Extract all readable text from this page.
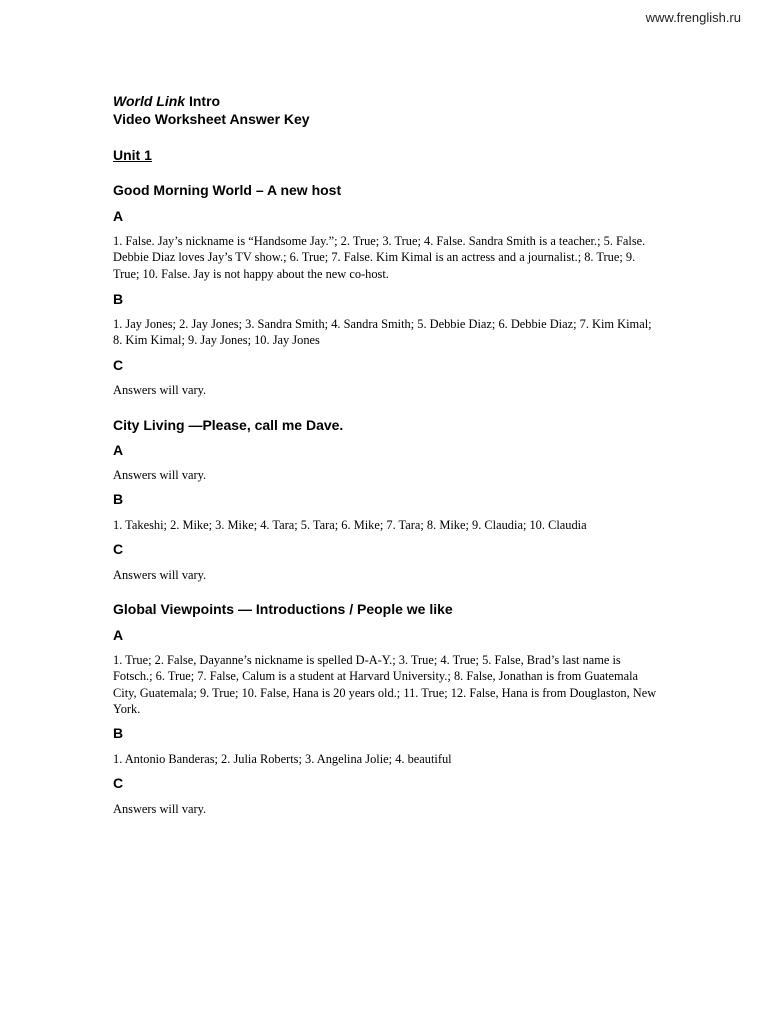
www.frenglish.ru
World Link Intro
Video Worksheet Answer Key
Unit 1
Good Morning World – A new host
A

1. False. Jay’s nickname is “Handsome Jay.”; 2. True; 3. True; 4. False. Sandra Smith is a teacher.; 5. False. Debbie Diaz loves Jay’s TV show.; 6. True; 7. False. Kim Kimal is an actress and a journalist.; 8. True; 9. True; 10. False. Jay is not happy about the new co-host.

B

1. Jay Jones; 2. Jay Jones; 3. Sandra Smith; 4. Sandra Smith; 5. Debbie Diaz; 6. Debbie Diaz; 7. Kim Kimal; 8. Kim Kimal; 9. Jay Jones; 10. Jay Jones

C

Answers will vary.

City Living —Please, call me Dave.
A

Answers will vary.

B

1. Takeshi; 2. Mike; 3. Mike; 4. Tara; 5. Tara; 6. Mike; 7. Tara; 8. Mike; 9. Claudia; 10. Claudia

C

Answers will vary.

Global Viewpoints — Introductions / People we like
A

1. True; 2. False, Dayanne’s nickname is spelled D-A-Y.; 3. True; 4. True; 5. False, Brad’s last name is Fotsch.; 6. True; 7. False, Calum is a student at Harvard University.; 8. False, Jonathan is from Guatemala City, Guatemala; 9. True; 10. False, Hana is 20 years old.; 11. True; 12. False, Hana is from Douglaston, New York.

B

1. Antonio Banderas; 2. Julia Roberts; 3. Angelina Jolie; 4. beautiful

C

Answers will vary.
